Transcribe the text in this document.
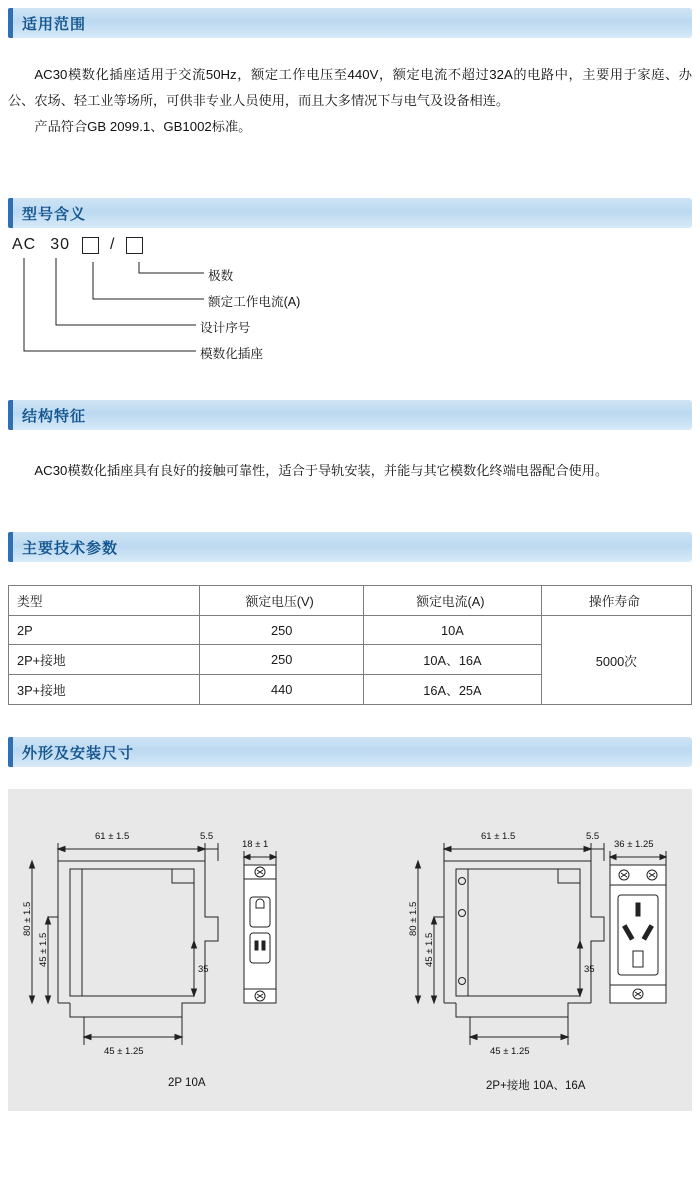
适用范围
AC30模数化插座适用于交流50Hz，额定工作电压至440V，额定电流不超过32A的电路中，主要用于家庭、办公、农场、轻工业等场所，可供非专业人员使用，而且大多情况下与电气及设备相连。
产品符合GB 2099.1、GB1002标准。
型号含义
AC 30	/
极数
额定工作电流(A)
设计序号
模数化插座
结构特征
AC30模数化插座具有良好的接触可靠性，适合于导轨安装，并能与其它模数化终端电器配合使用。
主要技术参数
类型	额定电压(V)	额定电流(A)	操作寿命
2P	250	10A	5000次
2P+接地	250	10A、16A	
3P+接地	440	16A、25A	
外形及安装尺寸
61 ± 1.5	5.5
80 ± 1.5
45 ± 1.5
35
45 ± 1.25
18 ± 1
2P 10A
61 ± 1.5	5.5
80 ± 1.5
45 ± 1.5
35
45 ± 1.25
36 ± 1.25
2P+接地 10A、16A
